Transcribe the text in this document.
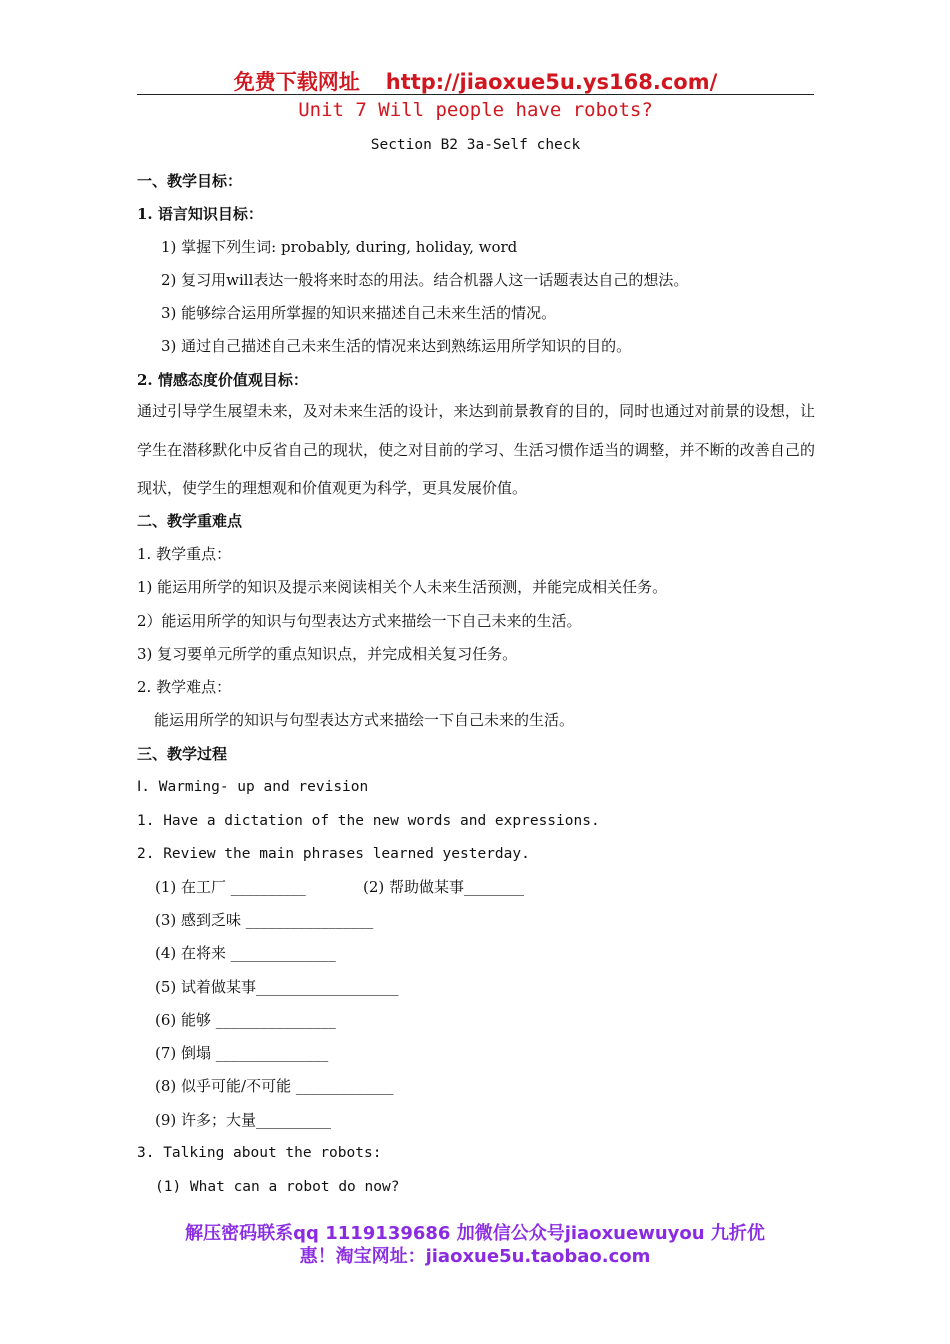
免费下载网址 http://jiaoxue5u.ys168.com/
Unit 7 Will people have robots?
Section B2 3a-Self check
一、教学目标：
1. 语言知识目标：
1) 掌握下列生词: probably, during, holiday, word
2) 复习用will表达一般将来时态的用法。结合机器人这一话题表达自己的想法。
3) 能够综合运用所掌握的知识来描述自己未来生活的情况。
3) 通过自己描述自己未来生活的情况来达到熟练运用所学知识的目的。
2. 情感态度价值观目标：
通过引导学生展望未来，及对未来生活的设计，来达到前景教育的目的，同时也通过对前景的设想，让学生在潜移默化中反省自己的现状，使之对目前的学习、生活习惯作适当的调整，并不断的改善自己的现状，使学生的理想观和价值观更为科学，更具发展价值。
二、教学重难点
1. 教学重点：
1) 能运用所学的知识及提示来阅读相关个人未来生活预测，并能完成相关任务。
2）能运用所学的知识与句型表达方式来描绘一下自己未来的生活。
3) 复习要单元所学的重点知识点，并完成相关复习任务。
2. 教学难点：
能运用所学的知识与句型表达方式来描绘一下自己未来的生活。
三、教学过程
Ⅰ. Warming- up and revision
1. Have a dictation of the new words and expressions.
2. Review the main phrases learned yesterday.
(1) 在工厂 __________	(2) 帮助做某事________
(3) 感到乏味 _________________
(4) 在将来 ______________
(5) 试着做某事___________________
(6) 能够 ________________
(7) 倒塌 _______________
(8) 似乎可能/不可能 _____________
(9) 许多；大量__________
3. Talking about the robots:
(1) What can a robot do now?
解压密码联系qq 1119139686 加微信公众号jiaoxuewuyou 九折优
惠！淘宝网址：jiaoxue5u.taobao.com
